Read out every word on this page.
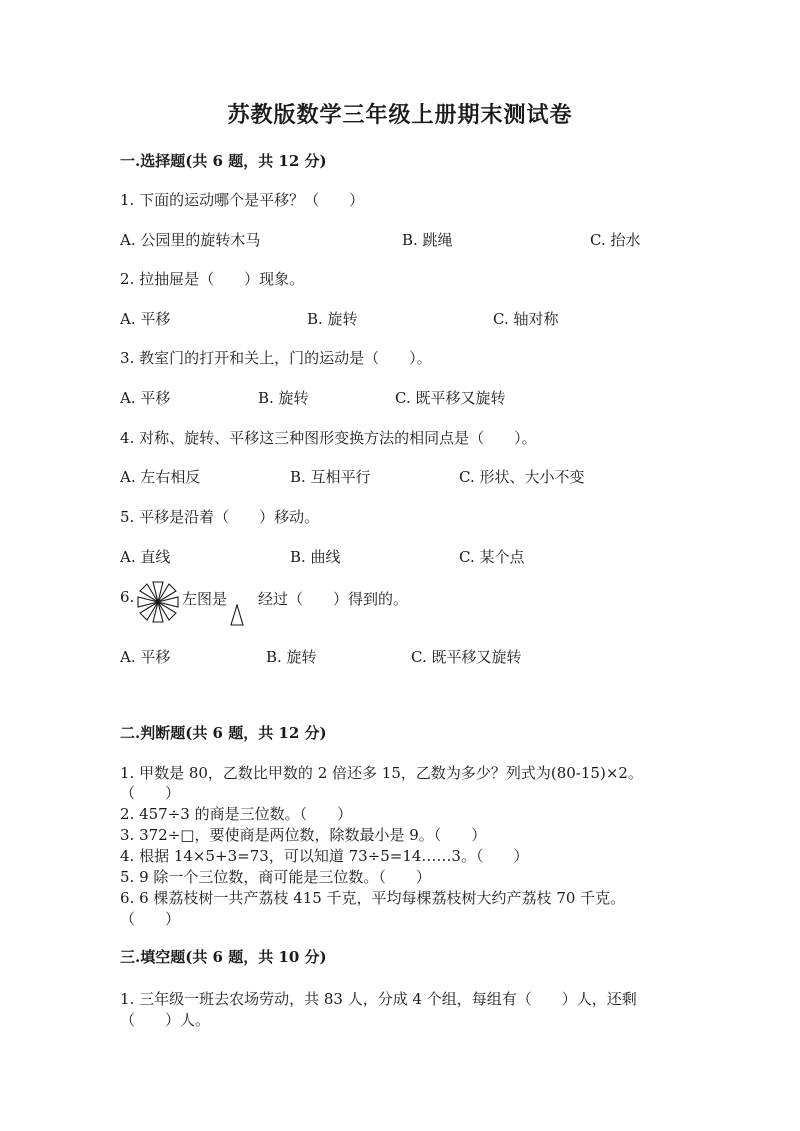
苏教版数学三年级上册期末测试卷
一.选择题(共 6 题，共 12 分)
1. 下面的运动哪个是平移？（　　）
A. 公园里的旋转木马	B. 跳绳	C. 抬水
2. 拉抽屉是（　　）现象。
A. 平移	B. 旋转	C. 轴对称
3. 教室门的打开和关上，门的运动是（　　）。
A. 平移	B. 旋转	C. 既平移又旋转
4. 对称、旋转、平移这三种图形变换方法的相同点是（　　）。
A. 左右相反	B. 互相平行	C. 形状、大小不变
5. 平移是沿着（　　）移动。
A. 直线	B. 曲线	C. 某个点
6.	左图是 经过（　　）得到的。
A. 平移	B. 旋转	C. 既平移又旋转
二.判断题(共 6 题，共 12 分)
1. 甲数是 80，乙数比甲数的 2 倍还多 15，乙数为多少？列式为(80-15)×2。
（　　）
2. 457÷3 的商是三位数。（　　）
3. 372÷□，要使商是两位数，除数最小是 9。（　　）
4. 根据 14×5+3=73，可以知道 73÷5=14……3。（　　）
5. 9 除一个三位数，商可能是三位数。（　　）
6. 6 棵荔枝树一共产荔枝 415 千克，平均每棵荔枝树大约产荔枝 70 千克。
（　　）
三.填空题(共 6 题，共 10 分)
1. 三年级一班去农场劳动，共 83 人，分成 4 个组，每组有（　　）人，还剩
（　　）人。
